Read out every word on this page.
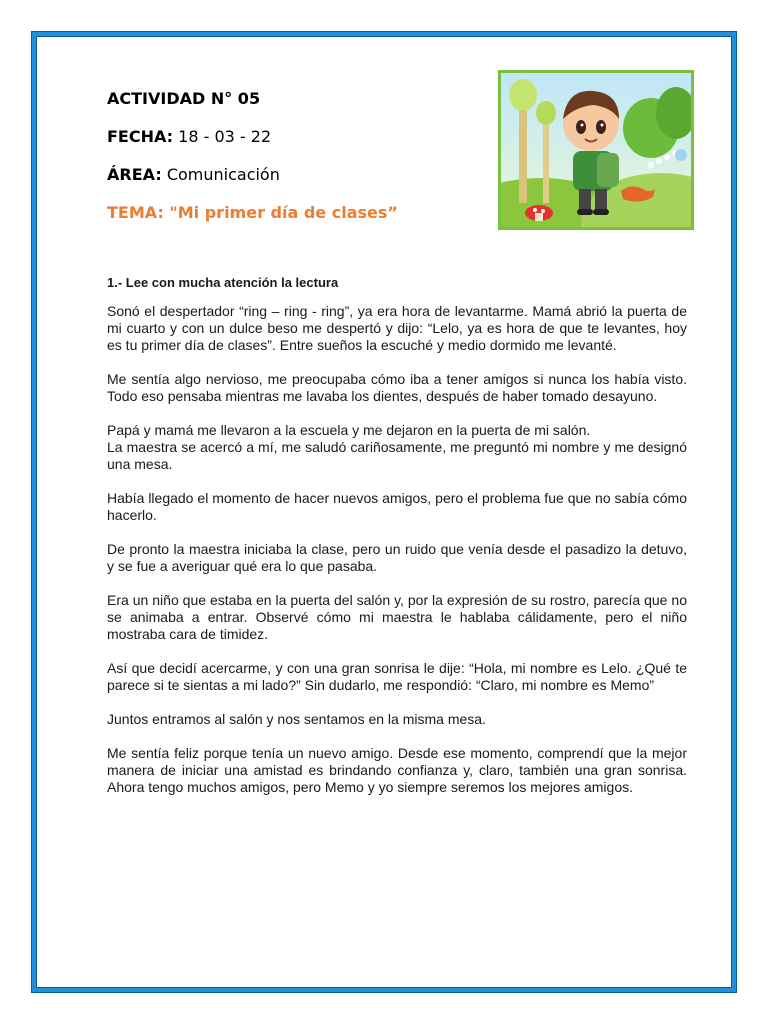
ACTIVIDAD N° 05
FECHA: 18 - 03 - 22
ÁREA: Comunicación
TEMA: "Mi primer día de clases”
1.- Lee con mucha atención la lectura

Sonó el despertador “ring – ring - ring”, ya era hora de levantarme. Mamá abrió la puerta de mi cuarto y con un dulce beso me despertó y dijo: “Lelo, ya es hora de que te levantes, hoy es tu primer día de clases”. Entre sueños la escuché y medio dormido me levanté.

Me sentía algo nervioso, me preocupaba cómo iba a tener amigos si nunca los había visto. Todo eso pensaba mientras me lavaba los dientes, después de haber tomado desayuno.

Papá y mamá me llevaron a la escuela y me dejaron en la puerta de mi salón.
La maestra se acercó a mí, me saludó cariñosamente, me preguntó mi nombre y me designó una mesa.

Había llegado el momento de hacer nuevos amigos, pero el problema fue que no sabía cómo hacerlo.

De pronto la maestra iniciaba la clase, pero un ruido que venía desde el pasadizo la detuvo, y se fue a averiguar qué era lo que pasaba.

Era un niño que estaba en la puerta del salón y, por la expresión de su rostro, parecía que no se animaba a entrar. Observé cómo mi maestra le hablaba cálidamente, pero el niño mostraba cara de timidez.

Así que decidí acercarme, y con una gran sonrisa le dije: “Hola, mi nombre es Lelo. ¿Qué te parece si te sientas a mi lado?” Sin dudarlo, me respondió: “Claro, mi nombre es Memo”

Juntos entramos al salón y nos sentamos en la misma mesa.

Me sentía feliz porque tenía un nuevo amigo. Desde ese momento, comprendí que la mejor manera de iniciar una amistad es brindando confianza y, claro, también una gran sonrisa. Ahora tengo muchos amigos, pero Memo y yo siempre seremos los mejores amigos.
